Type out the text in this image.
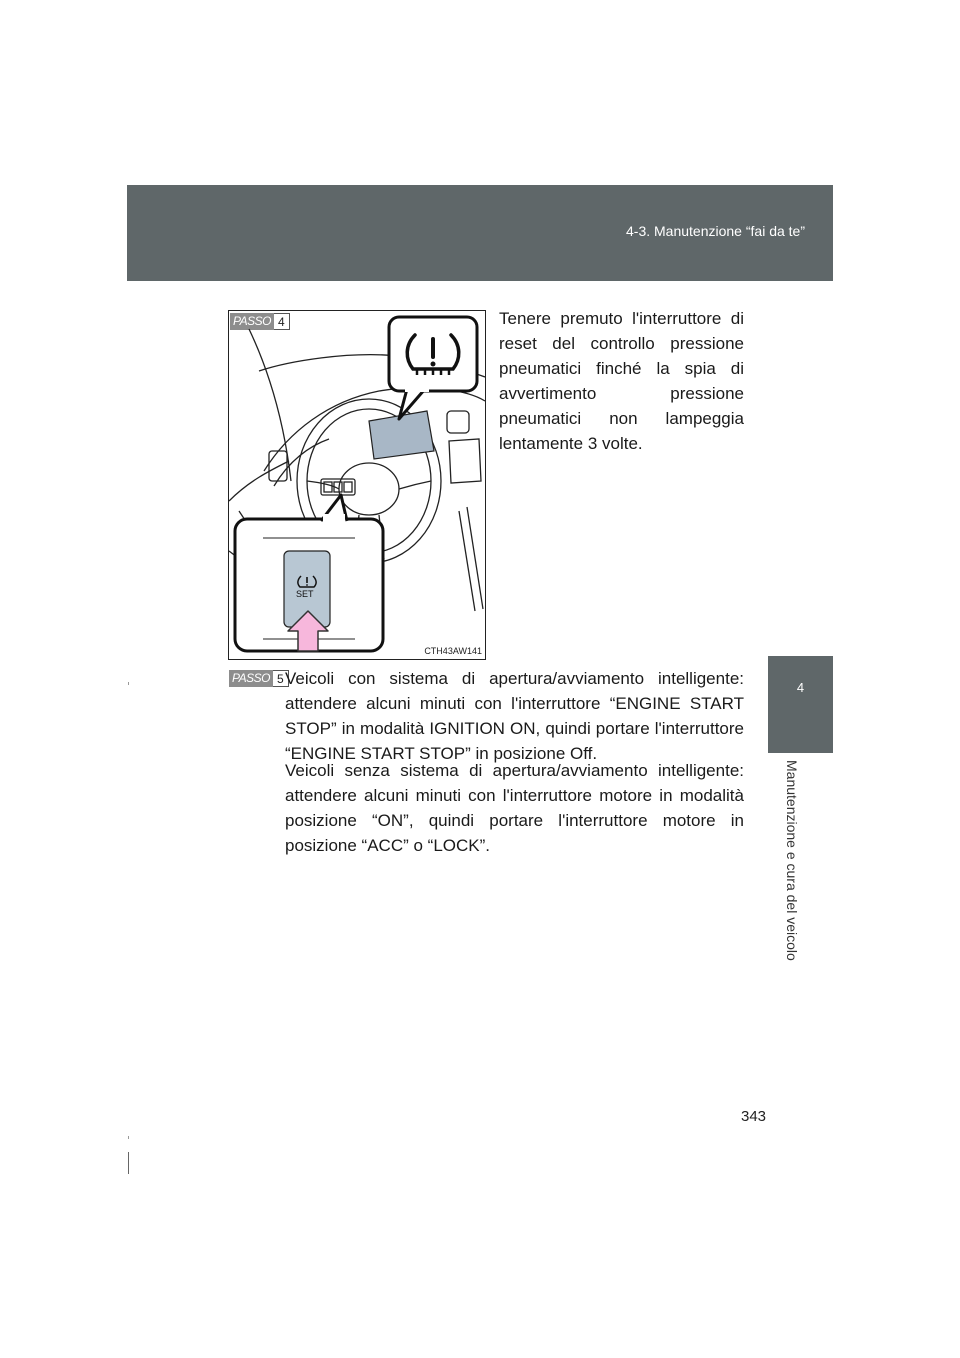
4-3. Manutenzione “fai da te”
4
Manutenzione e cura del veicolo
PASSO 4
SET
CTH43AW141

Tenere premuto l'interruttore di reset del controllo pressione pneumatici finché la spia di avvertimento pressione pneumatici non lampeggia lentamente 3 volte.

PASSO 5 Veicoli con sistema di apertura/avviamento intelligente: attendere alcuni minuti con l'interruttore “ENGINE START STOP” in modalità IGNITION ON, quindi portare l'interruttore “ENGINE START STOP” in posizione Off.

Veicoli senza sistema di apertura/avviamento intelligente: attendere alcuni minuti con l'interruttore motore in modalità posizione “ON”, quindi portare l'interruttore motore in posizione “ACC” o “LOCK”.

343
